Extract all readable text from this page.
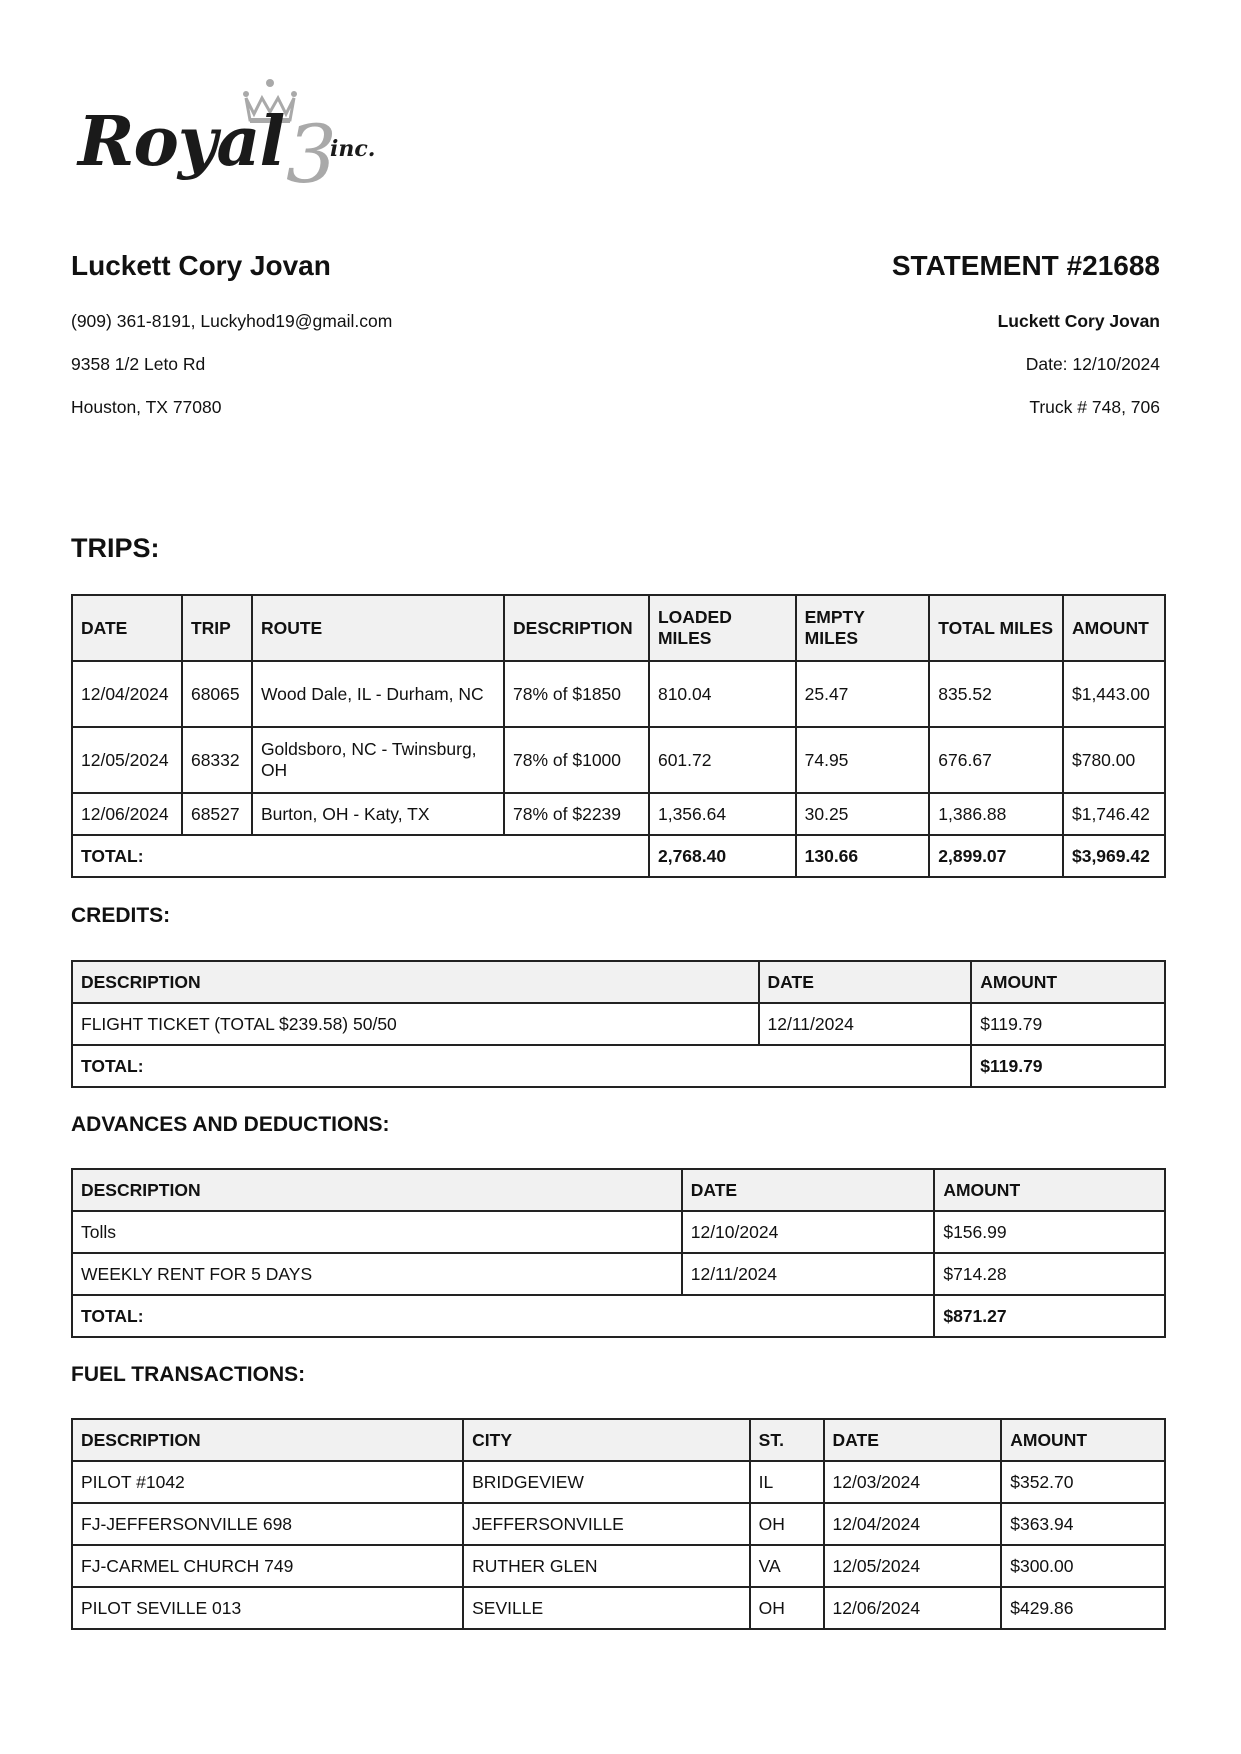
Royal 3
inc.
Luckett Cory Jovan
(909) 361-8191, Luckyhod19@gmail.com
9358 1/2 Leto Rd
Houston, TX 77080
STATEMENT #21688
Luckett Cory Jovan
Date: 12/10/2024
Truck # 748, 706
TRIPS:
DATE	TRIP	ROUTE	DESCRIPTION	LOADED MILES	EMPTY MILES	TOTAL MILES	AMOUNT
12/04/2024	68065	Wood Dale, IL - Durham, NC	78% of $1850	810.04	25.47	835.52	$1,443.00
12/05/2024	68332	Goldsboro, NC - Twinsburg, OH	78% of $1000	601.72	74.95	676.67	$780.00
12/06/2024	68527	Burton, OH - Katy, TX	78% of $2239	1,356.64	30.25	1,386.88	$1,746.42
TOTAL:				2,768.40	130.66	2,899.07	$3,969.42
CREDITS:
DESCRIPTION	DATE	AMOUNT
FLIGHT TICKET (TOTAL $239.58) 50/50	12/11/2024	$119.79
TOTAL:		$119.79
ADVANCES AND DEDUCTIONS:
DESCRIPTION	DATE	AMOUNT
Tolls	12/10/2024	$156.99
WEEKLY RENT FOR 5 DAYS	12/11/2024	$714.28
TOTAL:		$871.27
FUEL TRANSACTIONS:
DESCRIPTION	CITY	ST.	DATE	AMOUNT
PILOT #1042	BRIDGEVIEW	IL	12/03/2024	$352.70
FJ-JEFFERSONVILLE 698	JEFFERSONVILLE	OH	12/04/2024	$363.94
FJ-CARMEL CHURCH 749	RUTHER GLEN	VA	12/05/2024	$300.00
PILOT SEVILLE 013	SEVILLE	OH	12/06/2024	$429.86
